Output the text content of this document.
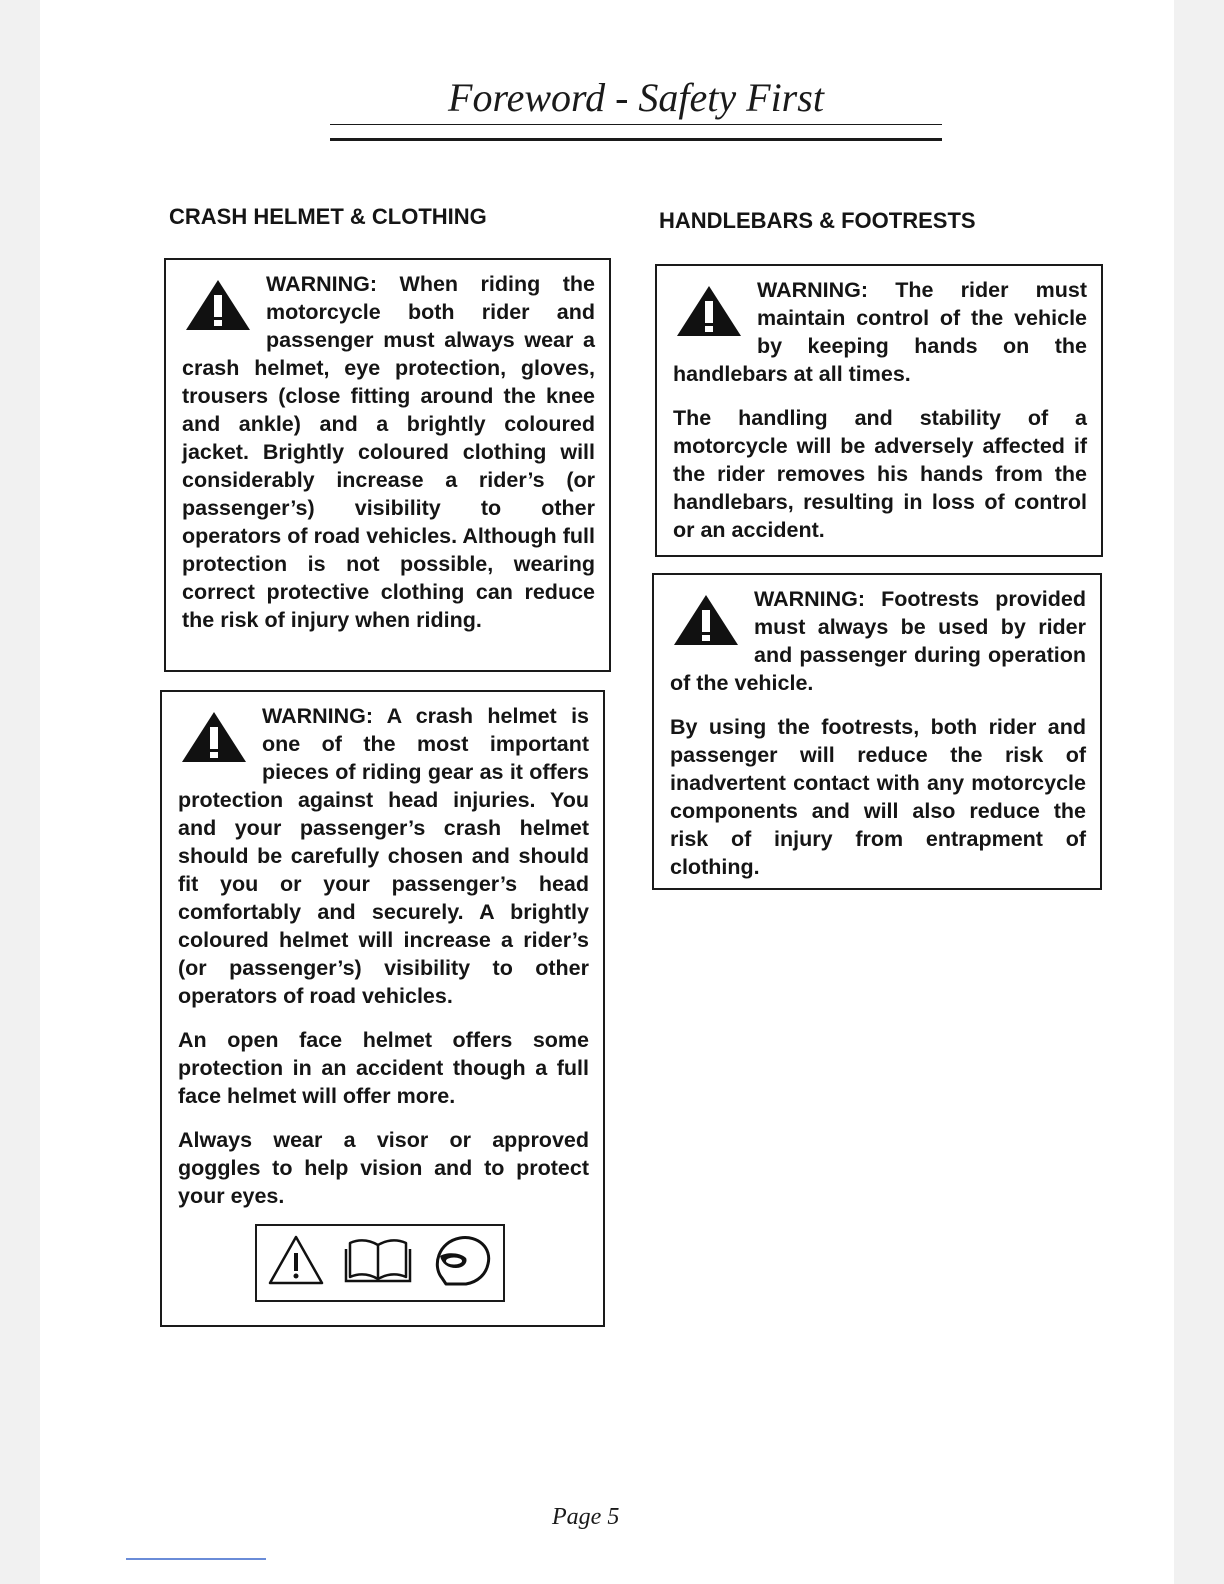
Foreword - Safety First
CRASH HELMET & CLOTHING

WARNING: When riding the motorcycle both rider and passenger must always wear a crash helmet, eye protection, gloves, trousers (close fitting around the knee and ankle) and a brightly coloured jacket. Brightly coloured clothing will considerably increase a rider’s (or passenger’s) visibility to other operators of road vehicles. Although full protection is not possible, wearing correct protective clothing can reduce the risk of injury when riding.

WARNING: A crash helmet is one of the most important pieces of riding gear as it offers protection against head injuries. You and your passenger’s crash helmet should be carefully chosen and should fit you or your passenger’s head comfortably and securely. A brightly coloured helmet will increase a rider’s (or passenger’s) visibility to other operators of road vehicles.

An open face helmet offers some protection in an accident though a full face helmet will offer more.

Always wear a visor or approved goggles to help vision and to protect your eyes.

HANDLEBARS & FOOTRESTS

WARNING: The rider must maintain control of the vehicle by keeping hands on the handlebars at all times.

The handling and stability of a motorcycle will be adversely affected if the rider removes his hands from the handlebars, resulting in loss of control or an accident.

WARNING: Footrests provided must always be used by rider and passenger during operation of the vehicle.

By using the footrests, both rider and passenger will reduce the risk of inadvertent contact with any motorcycle components and will also reduce the risk of injury from entrapment of clothing.

Page 5
